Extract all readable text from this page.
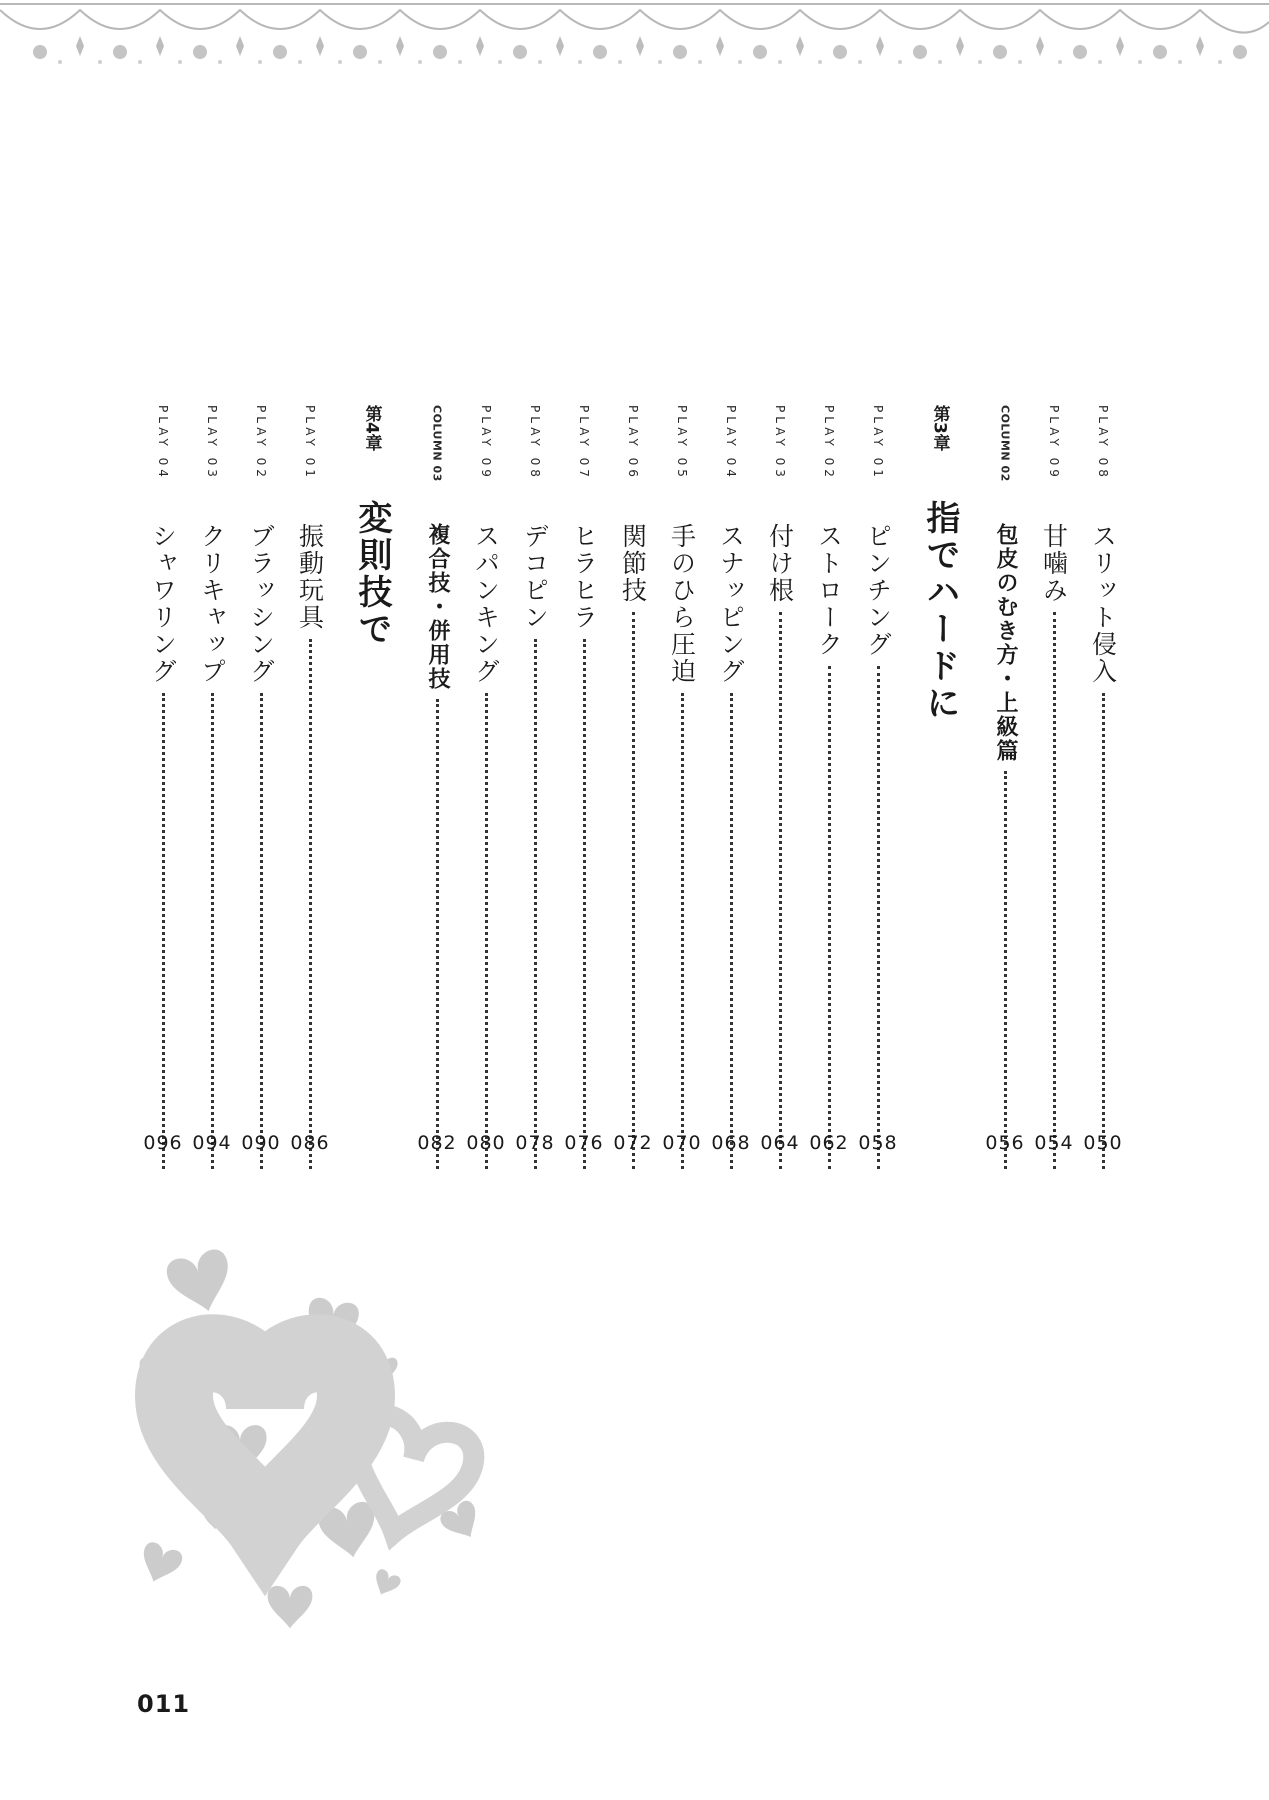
PLAY 08
スリット侵入
050
PLAY 09
甘噛み
054
COLUMN 02
包皮のむき方・上級篇
056
第3章
指でハードに
PLAY 01
ピンチング
058
PLAY 02
ストローク
062
PLAY 03
付け根
064
PLAY 04
スナッピング
068
PLAY 05
手のひら圧迫
070
PLAY 06
関節技
072
PLAY 07
ヒラヒラ
076
PLAY 08
デコピン
078
PLAY 09
スパンキング
080
COLUMN 03
複合技・併用技
082
第4章
変則技で
PLAY 01
振動玩具
086
PLAY 02
ブラッシング
090
PLAY 03
クリキャップ
094
PLAY 04
シャワリング
096
011
